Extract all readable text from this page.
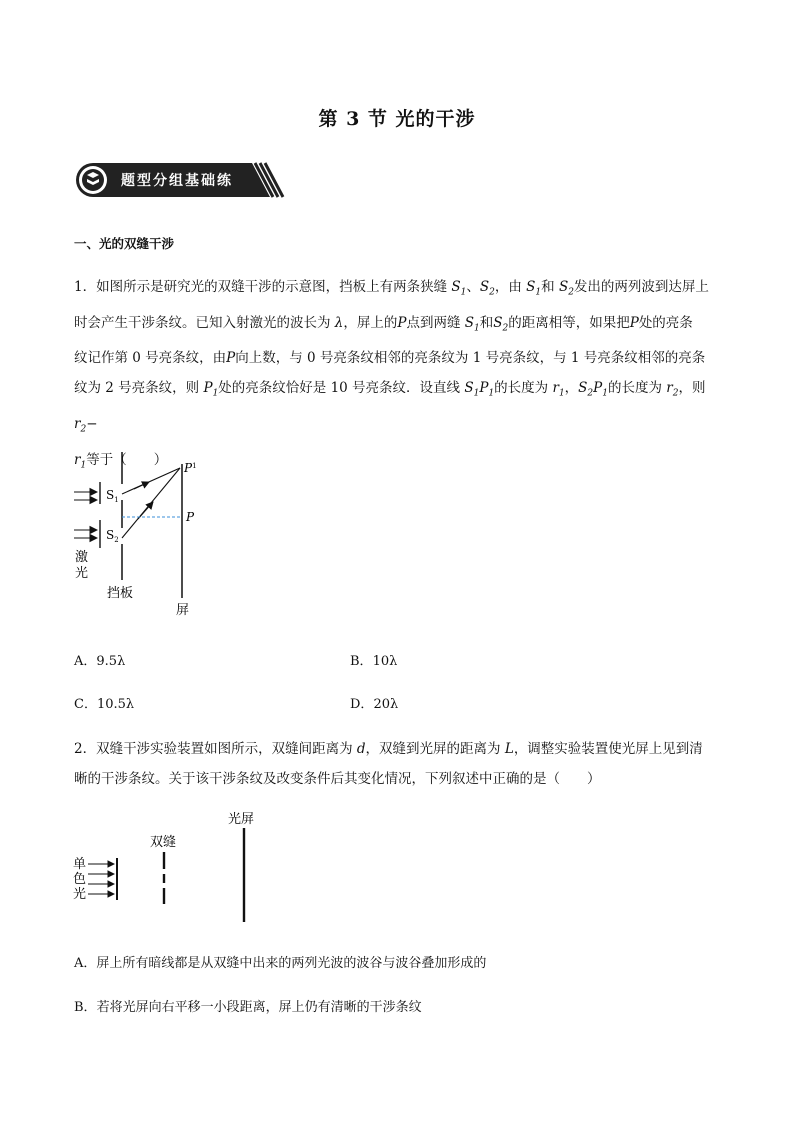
第 3 节 光的干涉
题型分组基础练
一、光的双缝干涉
1．如图所示是研究光的双缝干涉的示意图，挡板上有两条狭缝 $S_1$、$S_2$，由 $S_1$和 $S_2$发出的两列波到达屏上
时会产生干涉条纹。已知入射激光的波长为 λ，屏上的P点到两缝 $S_1$和$S_2$的距离相等，如果把P处的亮条
纹记作第 0 号亮条纹，由P向上数，与 0 号亮条纹相邻的亮条纹为 1 号亮条纹，与 1 号亮条纹相邻的亮条
纹为 2 号亮条纹，则 $P_1$处的亮条纹恰好是 10 号亮条纹．设直线 $S_1P_1$的长度为 $r_1$，$S_2P_1$的长度为 $r_2$，则 $r_2-$
$r_1$等于（　　）
$S_1$
$S_2$
$P^1$
P
激
光
挡板
屏
A．9.5λ	B．10λ
C．10.5λ	D．20λ
2．双缝干涉实验装置如图所示，双缝间距离为 d，双缝到光屏的距离为 L，调整实验装置使光屏上见到清
晰的干涉条纹。关于该干涉条纹及改变条件后其变化情况，下列叙述中正确的是（　　）
光屏
双缝
单
色
光
A．屏上所有暗线都是从双缝中出来的两列光波的波谷与波谷叠加形成的
B．若将光屏向右平移一小段距离，屏上仍有清晰的干涉条纹
